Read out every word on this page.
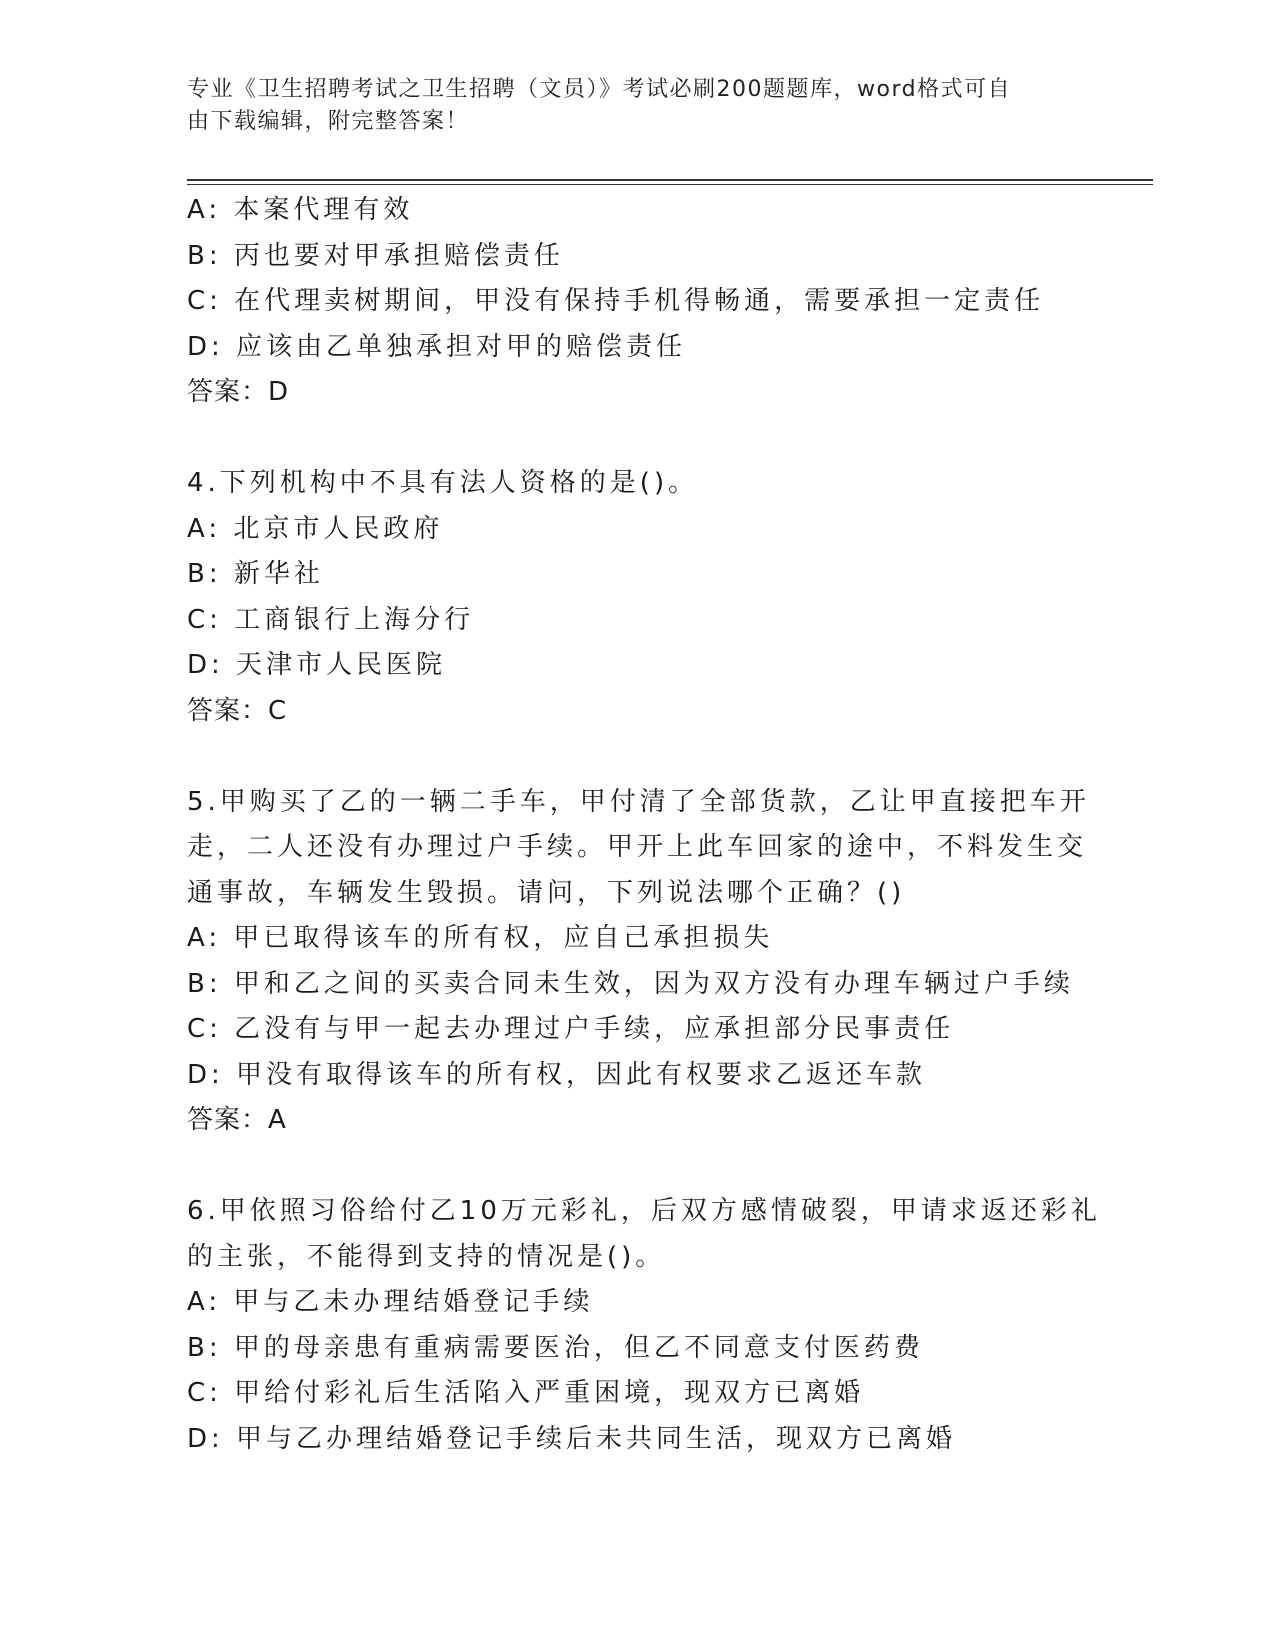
专业《卫生招聘考试之卫生招聘（文员）》考试必刷200题题库，word格式可自
由下载编辑，附完整答案！
A: 本案代理有效
B: 丙也要对甲承担赔偿责任
C: 在代理卖树期间，甲没有保持手机得畅通，需要承担一定责任
D: 应该由乙单独承担对甲的赔偿责任
答案：D
4.下列机构中不具有法人资格的是()。
A: 北京市人民政府
B: 新华社
C: 工商银行上海分行
D: 天津市人民医院
答案：C
5.甲购买了乙的一辆二手车，甲付清了全部货款，乙让甲直接把车开
走，二人还没有办理过户手续。甲开上此车回家的途中，不料发生交
通事故，车辆发生毁损。请问，下列说法哪个正确？()
A: 甲已取得该车的所有权，应自己承担损失
B: 甲和乙之间的买卖合同未生效，因为双方没有办理车辆过户手续
C: 乙没有与甲一起去办理过户手续，应承担部分民事责任
D: 甲没有取得该车的所有权，因此有权要求乙返还车款
答案：A
6.甲依照习俗给付乙10万元彩礼，后双方感情破裂，甲请求返还彩礼
的主张，不能得到支持的情况是()。
A: 甲与乙未办理结婚登记手续
B: 甲的母亲患有重病需要医治，但乙不同意支付医药费
C: 甲给付彩礼后生活陷入严重困境，现双方已离婚
D: 甲与乙办理结婚登记手续后未共同生活，现双方已离婚
